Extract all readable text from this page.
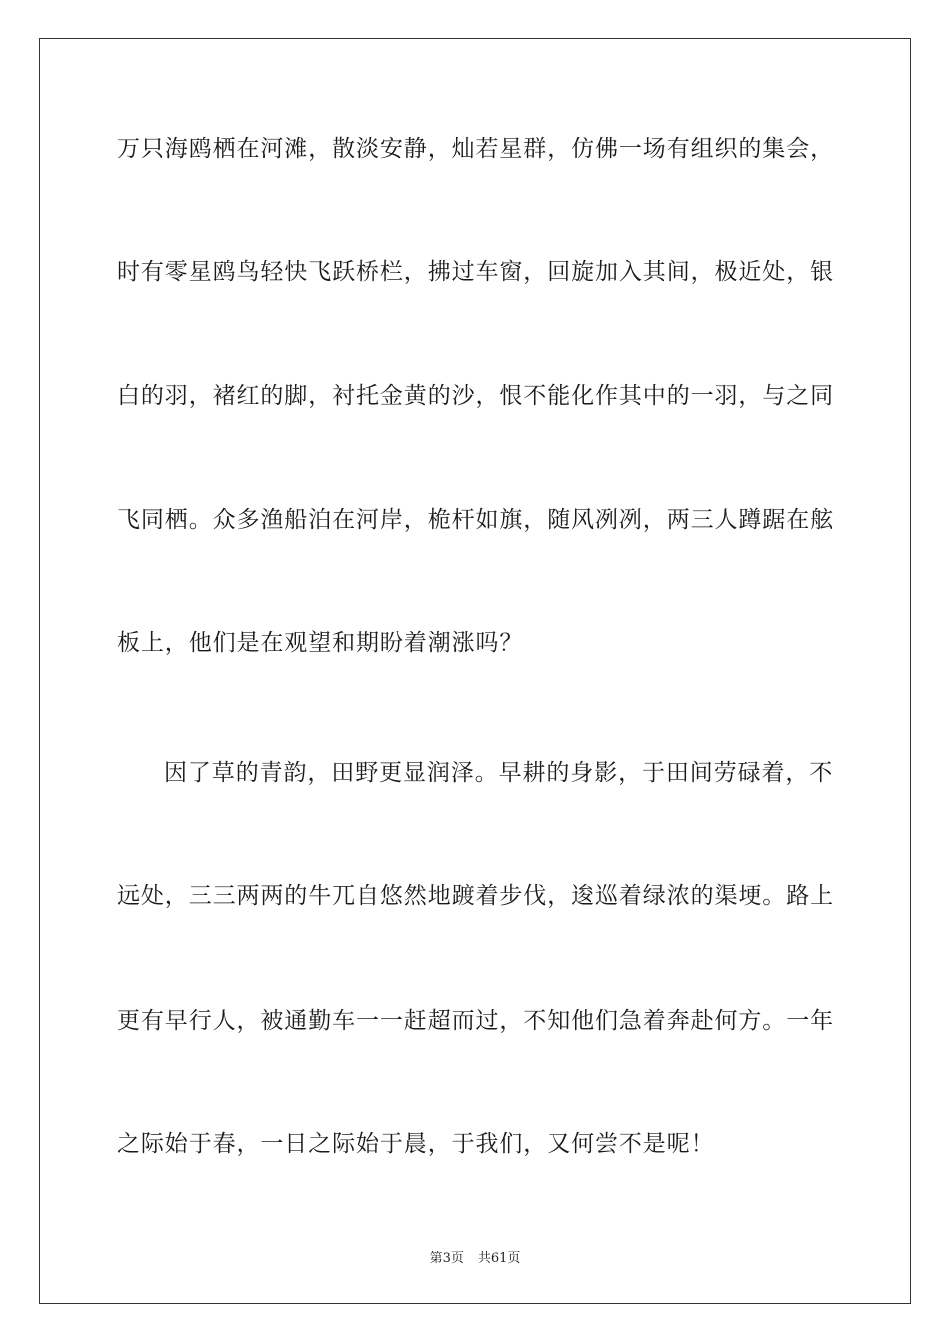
万只海鸥栖在河滩，散淡安静，灿若星群，仿佛一场有组织的集会，
时有零星鸥鸟轻快飞跃桥栏，拂过车窗，回旋加入其间，极近处，银
白的羽，褚红的脚，衬托金黄的沙，恨不能化作其中的一羽，与之同
飞同栖。众多渔船泊在河岸，桅杆如旗，随风冽冽，两三人蹲踞在舷
板上，他们是在观望和期盼着潮涨吗？
因了草的青韵，田野更显润泽。早耕的身影，于田间劳碌着，不
远处，三三两两的牛兀自悠然地踱着步伐，逡巡着绿浓的渠埂。路上
更有早行人，被通勤车一一赶超而过，不知他们急着奔赴何方。一年
之际始于春，一日之际始于晨，于我们，又何尝不是呢！
第3页 共61页
